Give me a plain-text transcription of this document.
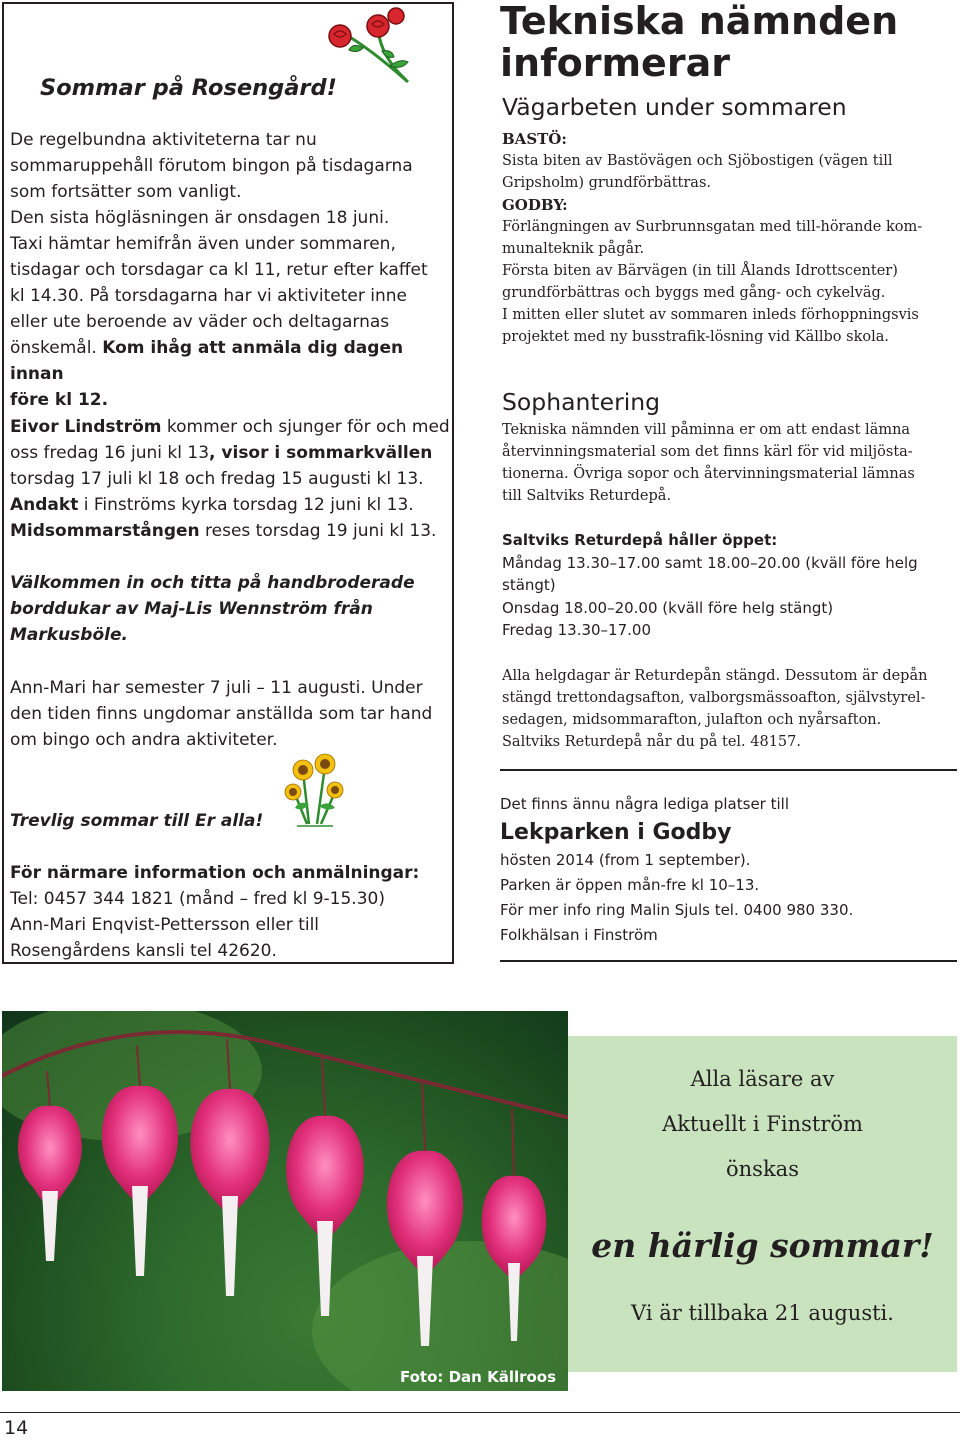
Sommar på Rosengård!
De regelbundna aktiviteterna tar nu
sommaruppehåll förutom bingon på tisdagarna
som fortsätter som vanligt.
Den sista högläsningen är onsdagen 18 juni.
Taxi hämtar hemifrån även under sommaren,
tisdagar och torsdagar ca kl 11, retur efter kaffet
kl 14.30. På torsdagarna har vi aktiviteter inne
eller ute beroende av väder och deltagarnas
önskemål. Kom ihåg att anmäla dig dagen innan
före kl 12.
Eivor Lindström kommer och sjunger för och med
oss fredag 16 juni kl 13, visor i sommarkvällen
torsdag 17 juli kl 18 och fredag 15 augusti kl 13.
Andakt i Finströms kyrka torsdag 12 juni kl 13.
Midsommarstången reses torsdag 19 juni kl 13.
Välkommen in och titta på handbroderade
borddukar av Maj-Lis Wennström från
Markusböle.
Ann-Mari har semester 7 juli – 11 augusti. Under
den tiden finns ungdomar anställda som tar hand
om bingo och andra aktiviteter.
Trevlig sommar till Er alla!
För närmare information och anmälningar:
Tel: 0457 344 1821 (månd – fred kl 9-15.30)
Ann-Mari Enqvist-Pettersson eller till
Rosengårdens kansli tel 42620.
Tekniska nämnden
informerar
Vägarbeten under sommaren
BASTÖ:
Sista biten av Bastövägen och Sjöbostigen (vägen till
Gripsholm) grundförbättras.
GODBY:
Förlängningen av Surbrunnsgatan med till-hörande kom-
munalteknik pågår.
Första biten av Bärvägen (in till Ålands Idrottscenter)
grundförbättras och byggs med gång- och cykelväg.
I mitten eller slutet av sommaren inleds förhoppningsvis
projektet med ny busstrafik-lösning vid Källbo skola.
Sophantering
Tekniska nämnden vill påminna er om att endast lämna
återvinningsmaterial som det finns kärl för vid miljösta-
tionerna. Övriga sopor och återvinningsmaterial lämnas
till Saltviks Returdepå.
Saltviks Returdepå håller öppet:
Måndag 13.30–17.00 samt 18.00–20.00 (kväll före helg
stängt)
Onsdag 18.00–20.00 (kväll före helg stängt)
Fredag 13.30–17.00
Alla helgdagar är Returdepån stängd. Dessutom är depån
stängd trettondagsafton, valborgsmässoafton, självstyrel-
sedagen, midsommarafton, julafton och nyårsafton.
Saltviks Returdepå når du på tel. 48157.
Det finns ännu några lediga platser till
Lekparken i Godby
hösten 2014 (from 1 september).
Parken är öppen mån-fre kl 10–13.
För mer info ring Malin Sjuls tel. 0400 980 330.
Folkhälsan i Finström
Foto: Dan Källroos
Alla läsare av
Aktuellt i Finström
önskas
en härlig sommar!
Vi är tillbaka 21 augusti.
14
